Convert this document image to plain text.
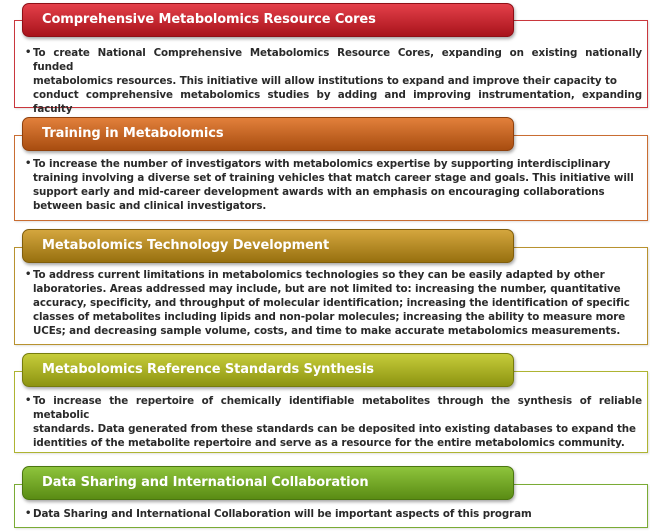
• To create National Comprehensive Metabolomics Resource Cores, expanding on existing nationally funded
metabolomics resources. This initiative will allow institutions to expand and improve their capacity to
conduct comprehensive metabolomics studies by adding and improving instrumentation, expanding faculty
Comprehensive Metabolomics Resource Cores
• To increase the number of investigators with metabolomics expertise by supporting interdisciplinary
training involving a diverse set of training vehicles that match career stage and goals. This initiative will
support early and mid-career development awards with an emphasis on encouraging collaborations
between basic and clinical investigators.
Training in Metabolomics
• To address current limitations in metabolomics technologies so they can be easily adapted by other
laboratories. Areas addressed may include, but are not limited to: increasing the number, quantitative
accuracy, specificity, and throughput of molecular identification; increasing the identification of specific
classes of metabolites including lipids and non-polar molecules; increasing the ability to measure more
UCEs; and decreasing sample volume, costs, and time to make accurate metabolomics measurements.
Metabolomics Technology Development
• To increase the repertoire of chemically identifiable metabolites through the synthesis of reliable metabolic
standards. Data generated from these standards can be deposited into existing databases to expand the
identities of the metabolite repertoire and serve as a resource for the entire metabolomics community.
Metabolomics Reference Standards Synthesis
• Data Sharing and International Collaboration will be important aspects of this program
Data Sharing and International Collaboration
